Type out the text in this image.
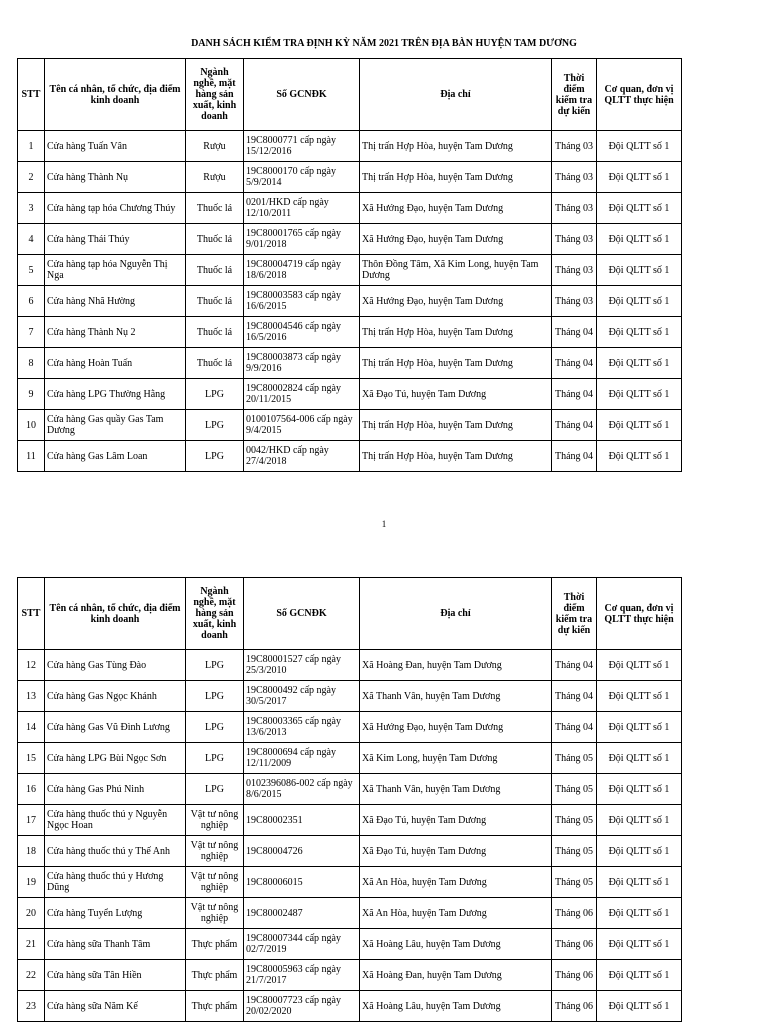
DANH SÁCH KIỂM TRA ĐỊNH KỲ NĂM 2021 TRÊN ĐỊA BÀN HUYỆN TAM DƯƠNG
STT	Tên cá nhân, tổ chức, địa điểm kinh doanh	Ngành nghề, mặt hàng sản xuất, kinh doanh	Số GCNĐK	Địa chỉ	Thời điểm kiểm tra dự kiến	Cơ quan, đơn vị QLTT thực hiện
1	Cửa hàng Tuấn Vân	Rượu	19C8000771 cấp ngày 15/12/2016	Thị trấn Hợp Hòa, huyện Tam Dương	Tháng 03	Đội QLTT số 1
2	Cửa hàng Thành Nụ	Rượu	19C8000170 cấp ngày 5/9/2014	Thị trấn Hợp Hòa, huyện Tam Dương	Tháng 03	Đội QLTT số 1
3	Cửa hàng tạp hóa Chương Thúy	Thuốc lá	0201/HKD cấp ngày 12/10/2011	Xã Hướng Đạo, huyện Tam Dương	Tháng 03	Đội QLTT số 1
4	Cửa hàng Thái Thúy	Thuốc lá	19C80001765 cấp ngày 9/01/2018	Xã Hướng Đạo, huyện Tam Dương	Tháng 03	Đội QLTT số 1
5	Cửa hàng tạp hóa Nguyễn Thị Nga	Thuốc lá	19C80004719 cấp ngày 18/6/2018	Thôn Đồng Tâm, Xã Kim Long, huyện Tam Dương	Tháng 03	Đội QLTT số 1
6	Cửa hàng Nhã Hường	Thuốc lá	19C80003583 cấp ngày 16/6/2015	Xã Hướng Đạo, huyện Tam Dương	Tháng 03	Đội QLTT số 1
7	Cửa hàng Thành Nụ 2	Thuốc lá	19C80004546 cấp ngày 16/5/2016	Thị trấn Hợp Hòa, huyện Tam Dương	Tháng 04	Đội QLTT số 1
8	Cửa hàng Hoàn Tuấn	Thuốc lá	19C80003873 cấp ngày 9/9/2016	Thị trấn Hợp Hòa, huyện Tam Dương	Tháng 04	Đội QLTT số 1
9	Cửa hàng LPG Thường Hằng	LPG	19C80002824 cấp ngày 20/11/2015	Xã Đạo Tú, huyện Tam Dương	Tháng 04	Đội QLTT số 1
10	Cửa hàng Gas quầy Gas Tam Dương	LPG	0100107564-006 cấp ngày 9/4/2015	Thị trấn Hợp Hòa, huyện Tam Dương	Tháng 04	Đội QLTT số 1
11	Cửa hàng Gas Lâm Loan	LPG	0042/HKD cấp ngày 27/4/2018	Thị trấn Hợp Hòa, huyện Tam Dương	Tháng 04	Đội QLTT số 1
1
STT	Tên cá nhân, tổ chức, địa điểm kinh doanh	Ngành nghề, mặt hàng sản xuất, kinh doanh	Số GCNĐK	Địa chỉ	Thời điểm kiểm tra dự kiến	Cơ quan, đơn vị QLTT thực hiện
12	Cửa hàng Gas Tùng Đào	LPG	19C80001527 cấp ngày 25/3/2010	Xã Hoàng Đan, huyện Tam Dương	Tháng 04	Đội QLTT số 1
13	Cửa hàng Gas Ngọc Khánh	LPG	19C8000492 cấp ngày 30/5/2017	Xã Thanh Vân, huyện Tam Dương	Tháng 04	Đội QLTT số 1
14	Cửa hàng Gas Vũ Đình Lương	LPG	19C80003365 cấp ngày 13/6/2013	Xã Hướng Đạo, huyện Tam Dương	Tháng 04	Đội QLTT số 1
15	Cửa hàng LPG Bùi Ngọc Sơn	LPG	19C8000694 cấp ngày 12/11/2009	Xã Kim Long, huyện Tam Dương	Tháng 05	Đội QLTT số 1
16	Cửa hàng Gas Phú Ninh	LPG	0102396086-002 cấp ngày 8/6/2015	Xã Thanh Vân, huyện Tam Dương	Tháng 05	Đội QLTT số 1
17	Cửa hàng thuốc thú y Nguyễn Ngọc Hoan	Vật tư nông nghiệp	19C80002351	Xã Đạo Tú, huyện Tam Dương	Tháng 05	Đội QLTT số 1
18	Cửa hàng thuốc thú y Thế Anh	Vật tư nông nghiệp	19C80004726	Xã Đạo Tú, huyện Tam Dương	Tháng 05	Đội QLTT số 1
19	Cửa hàng thuốc thú y Hương Dũng	Vật tư nông nghiệp	19C80006015	Xã An Hòa, huyện Tam Dương	Tháng 05	Đội QLTT số 1
20	Cửa hàng Tuyển Lượng	Vật tư nông nghiệp	19C80002487	Xã An Hòa, huyện Tam Dương	Tháng 06	Đội QLTT số 1
21	Cửa hàng sữa Thanh Tâm	Thực phẩm	19C80007344 cấp ngày 02/7/2019	Xã Hoàng Lâu, huyện Tam Dương	Tháng 06	Đội QLTT số 1
22	Cửa hàng sữa Tân Hiền	Thực phẩm	19C80005963 cấp ngày 21/7/2017	Xã Hoàng Đan, huyện Tam Dương	Tháng 06	Đội QLTT số 1
23	Cửa hàng sữa Năm Kế	Thực phẩm	19C80007723 cấp ngày 20/02/2020	Xã Hoàng Lâu, huyện Tam Dương	Tháng 06	Đội QLTT số 1
